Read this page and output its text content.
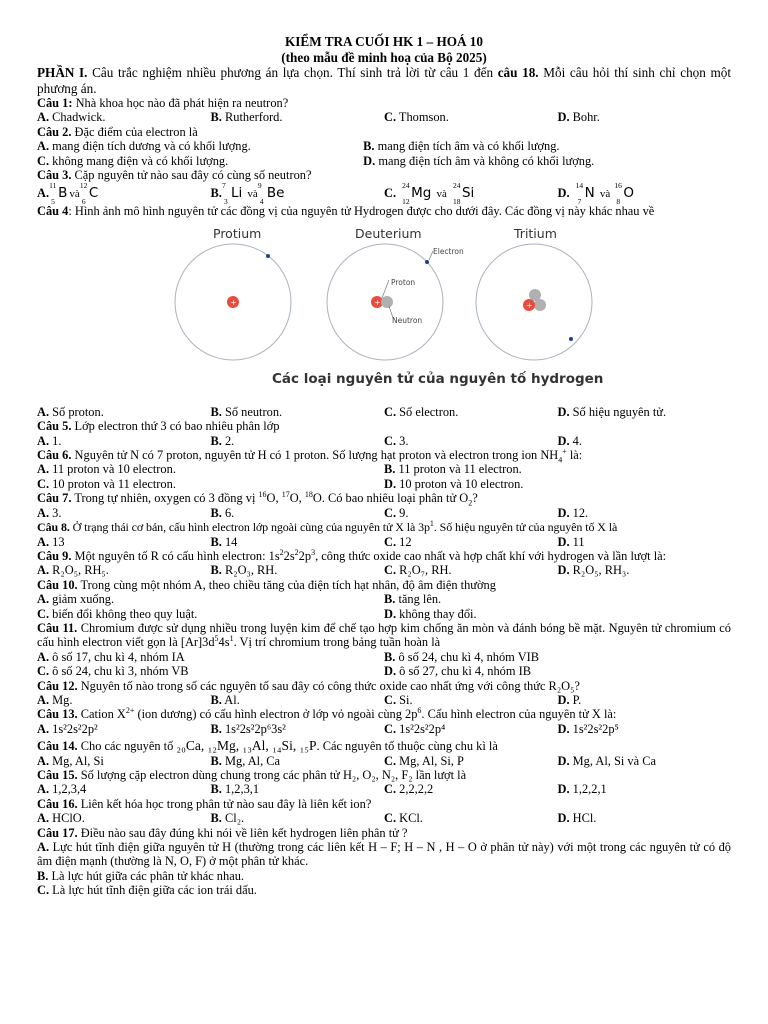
KIỂM TRA CUỐI HK 1 – HOÁ 10
(theo mẫu đề minh hoạ của Bộ 2025)
PHẦN I. Câu trắc nghiệm nhiều phương án lựa chọn. Thí sinh trả lời từ câu 1 đến câu 18. Mỗi câu hỏi thí sinh chỉ chọn một phương án.
Câu 1: Nhà khoa học nào đã phát hiện ra neutron?
A. Chadwick.	B. Rutherford.	C. Thomson.	D. Bohr.
Câu 2. Đặc điểm của electron là
A. mang điện tích dương và có khối lượng.	B. mang điện tích âm và có khối lượng.
C. không mang điện và có khối lượng.	D. mang điện tích âm và không có khối lượng.
Câu 3. Cặp nguyên tử nào sau đây có cùng số neutron?
A.
11
5
B và
12
6
C	B.
7
3
Li và
9
4
Be	C.
24
12
Mg và
24
18
Si	D.
14
7
N và
16
8
O
Câu 4: Hình ảnh mô hình nguyên tử các đồng vị của nguyên tử Hydrogen được cho dưới đây. Các đồng vị này khác nhau về
Protium	Deuterium	Tritium
+	+	+
Electron
Proton
Neutron
Các loại nguyên tử của nguyên tố hydrogen
A. Số proton.	B. Số neutron.	C. Số electron.	D. Số hiệu nguyên tử.
Câu 5. Lớp electron thứ 3 có bao nhiêu phân lớp
A. 1.	B. 2.	C. 3.	D. 4.
Câu 6. Nguyên tử N có 7 proton, nguyên tử H có 1 proton. Số lượng hạt proton và electron trong ion $NH_4^+$ là:
A. 11 proton và 10 electron.	B. 11 proton và 11 electron.
C. 10 proton và 11 electron.	D. 10 proton và 10 electron.
Câu 7. Trong tự nhiên, oxygen có 3 đồng vị $^{16}$O, $^{17}$O, $^{18}$O. Có bao nhiêu loại phân tử $O_2$?
A. 3.	B. 6.	C. 9.	D. 12.
Câu 8. Ở trạng thái cơ bản, cấu hình electron lớp ngoài cùng của nguyên tử X là $3p^1$. Số hiệu nguyên tử của nguyên tố X là
A. 13	B. 14	C. 12	D. 11
Câu 9. Một nguyên tố R có cấu hình electron: $1s^22s^22p^3$, công thức oxide cao nhất và hợp chất khí với hydrogen và lần lượt là:
A. R₂O₅, RH₅.	B. R₂O₃, RH.	C. R₂O₇, RH.	D. R₂O₅, RH₃.
Câu 10. Trong cùng một nhóm A, theo chiều tăng của điện tích hạt nhân, độ âm điện thường
A. giảm xuống.	B. tăng lên.
C. biến đổi không theo quy luật.	D. không thay đổi.
Câu 11. Chromium được sử dụng nhiều trong luyện kim để chế tạo hợp kim chống ăn mòn và đánh bóng bề mặt. Nguyên tử chromium có cấu hình electron viết gọn là $[Ar]3d^54s^1$. Vị trí chromium trong bảng tuần hoàn là
A. ô số 17, chu kì 4, nhóm IA	B. ô số 24, chu kì 4, nhóm VIB
C. ô số 24, chu kì 3, nhóm VB	D. ô số 27, chu kì 4, nhóm IB
Câu 12. Nguyên tố nào trong số các nguyên tố sau đây có công thức oxide cao nhất ứng với công thức R₂O₅?
A. Mg.	B. Al.	C. Si.	D. P.
Câu 13. Cation $X^{2+}$ (ion dương) có cấu hình electron ở lớp vỏ ngoài cùng $2p^6$. Cấu hình electron của nguyên tử X là:
A. 1s²2s²2p²	B. 1s²2s²2p⁶3s²	C. 1s²2s²2p⁴	D. 1s²2s²2p⁵
Câu 14. Cho các nguyên tố ₂₀Ca, ₁₂Mg, ₁₃Al, ₁₄Si, ₁₅P. Các nguyên tố thuộc cùng chu kì là
A. Mg, Al, Si	B. Mg, Al, Ca	C. Mg, Al, Si, P	D. Mg, Al, Si và Ca
Câu 15. Số lượng cặp electron dùng chung trong các phân tử H₂, O₂, N₂, F₂ lần lượt là
A. 1,2,3,4	B. 1,2,3,1	C. 2,2,2,2	D. 1,2,2,1
Câu 16. Liên kết hóa học trong phân tử nào sau đây là liên kết ion?
A. HClO.	B. Cl₂.	C. KCl.	D. HCl.
Câu 17. Điều nào sau đây đúng khi nói về liên kết hydrogen liên phân tử ?
A. Lực hút tĩnh điện giữa nguyên tử H (thường trong các liên kết H – F; H – N , H – O ở phân tử này) với một trong các nguyên tử có độ âm điện mạnh (thường là N, O, F) ở một phân tử khác.
B. Là lực hút giữa các phân tử khác nhau.
C. Là lực hút tĩnh điện giữa các ion trái dấu.
